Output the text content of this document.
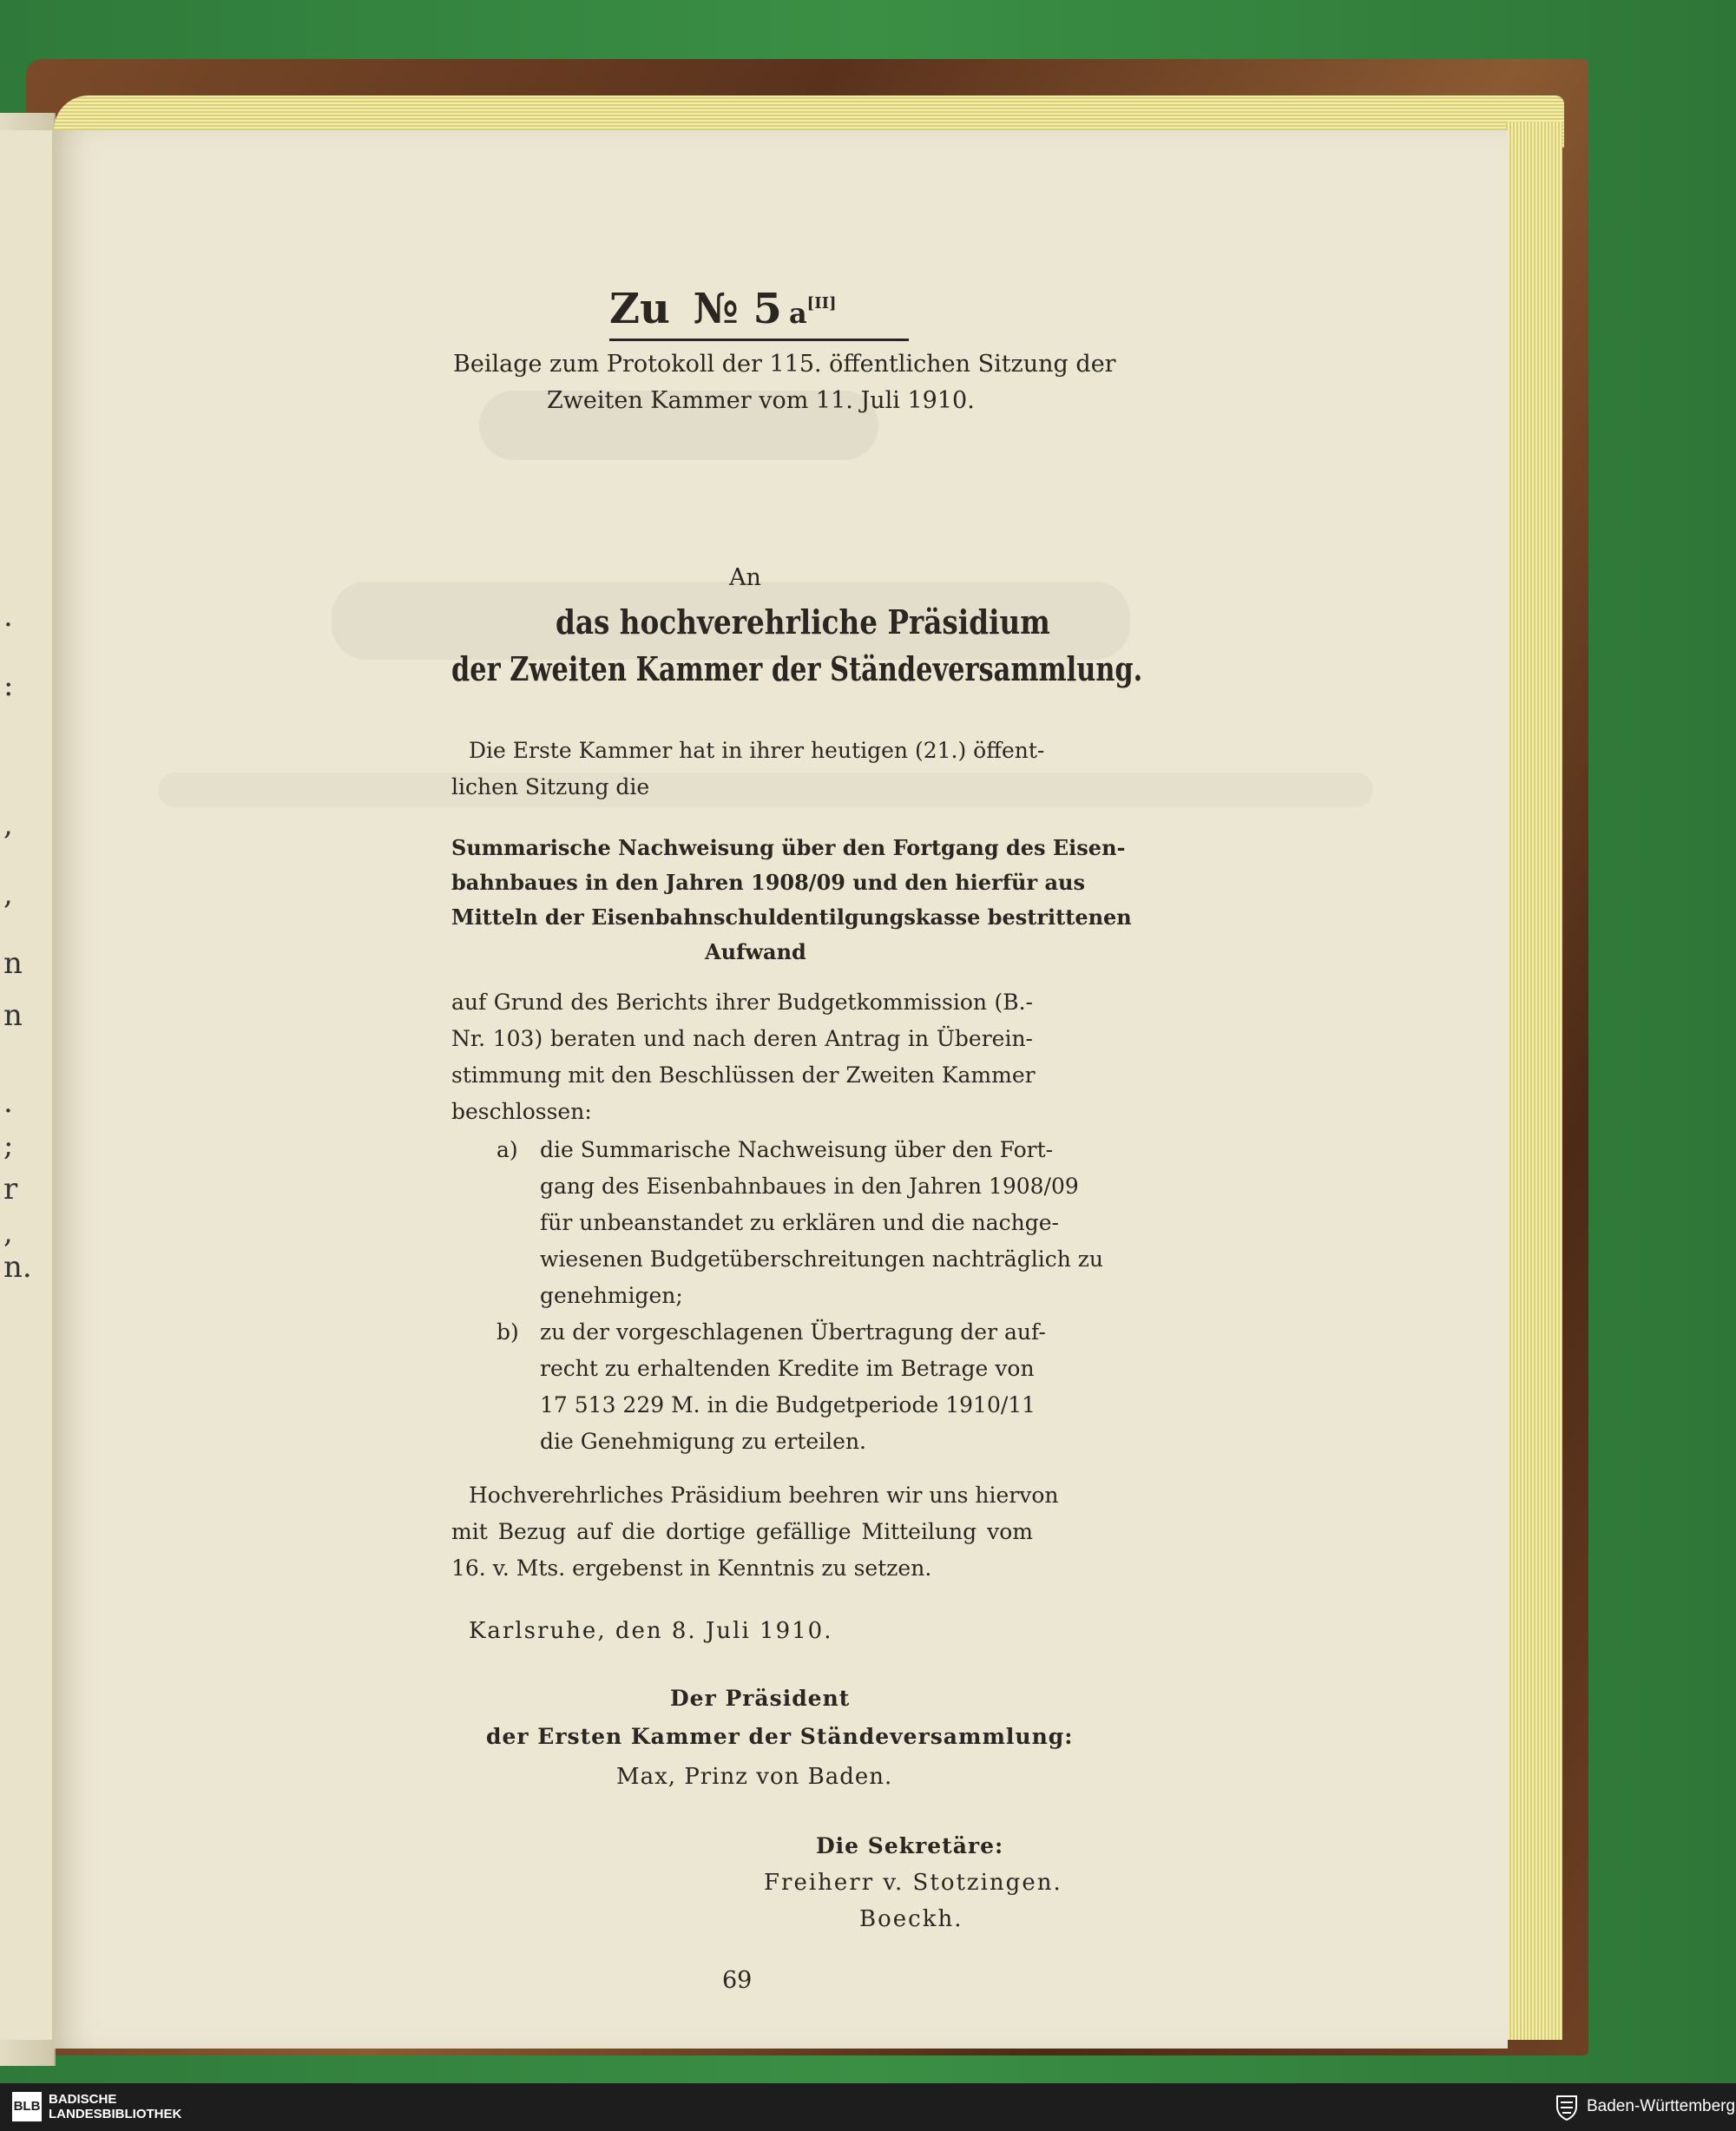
.
:
,
,
n
n
.
;
r
,
n.
Zu № 5 a[II]
Beilage zum Protokoll der 115. öffentlichen Sitzung der
Zweiten Kammer vom 11. Juli 1910.
An
das hochverehrliche Präsidium
der Zweiten Kammer der Ständeversammlung.
Die Erste Kammer hat in ihrer heutigen (21.) öffent-
lichen Sitzung die
Summarische Nachweisung über den Fortgang des Eisen-
bahnbaues in den Jahren 1908/09 und den hierfür aus
Mitteln der Eisenbahnschuldentilgungskasse bestrittenen
Aufwand
auf Grund des Berichts ihrer Budgetkommission (B.-
Nr. 103) beraten und nach deren Antrag in Überein-
stimmung mit den Beschlüssen der Zweiten Kammer
beschlossen:
a) die Summarische Nachweisung über den Fort-
gang des Eisenbahnbaues in den Jahren 1908/09
für unbeanstandet zu erklären und die nachge-
wiesenen Budgetüberschreitungen nachträglich zu
genehmigen;
b) zu der vorgeschlagenen Übertragung der auf-
recht zu erhaltenden Kredite im Betrage von
17 513 229 M. in die Budgetperiode 1910/11
die Genehmigung zu erteilen.
Hochverehrliches Präsidium beehren wir uns hiervon
mit Bezug auf die dortige gefällige Mitteilung vom
16. v. Mts. ergebenst in Kenntnis zu setzen.
Karlsruhe, den 8. Juli 1910.
Der Präsident
der Ersten Kammer der Ständeversammlung:
Max, Prinz von Baden.
Die Sekretäre:
Freiherr v. Stotzingen.
Boeckh.
69
BLB BADISCHE
LANDESBIBLIOTHEK	Baden-Württemberg
